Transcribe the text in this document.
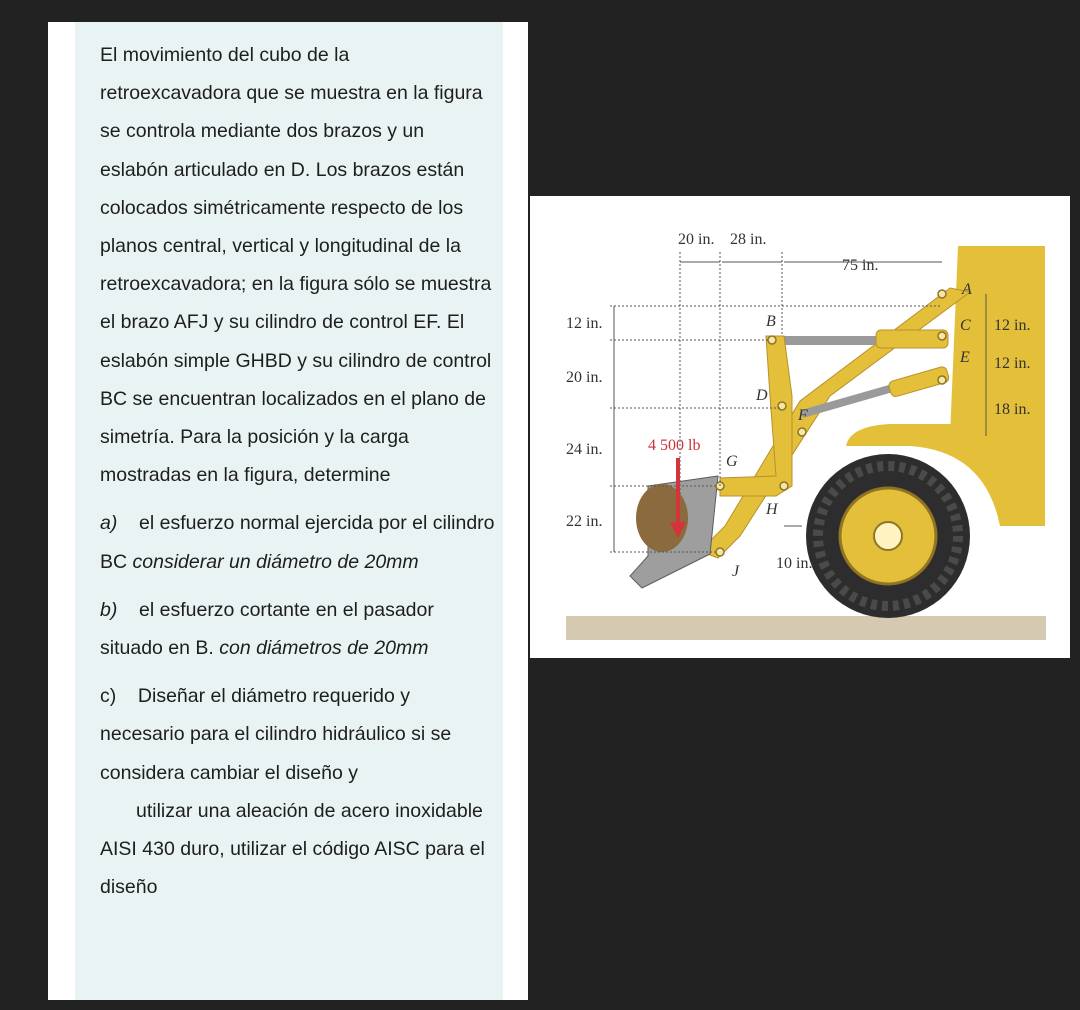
El movimiento del cubo de la retroexcavadora que se muestra en la figura se controla mediante dos brazos y un eslabón articulado en D. Los brazos están colocados simétricamente respecto de los planos central, vertical y longitudinal de la retroexcavadora; en la figura sólo se muestra el brazo AFJ y su cilindro de control EF. El eslabón simple GHBD y su cilindro de control BC se encuentran localizados en el plano de simetría. Para la posición y la carga mostradas en la figura, determine

a) el esfuerzo normal ejercida por el cilindro BC considerar un diámetro de 20mm

b) el esfuerzo cortante en el pasador situado en B. con diámetros de 20mm

c) Diseñar el diámetro requerido y necesario para el cilindro hidráulico si se considera cambiar el diseño y

utilizar una aleación de acero inoxidable AISI 430 duro, utilizar el código AISC para el diseño

20 in. 28 in.
75 in.
12 in.
20 in.
24 in.
22 in.
12 in.
12 in.
18 in.
10 in.
4 500 lb
A
B	C
D
E
F
G
H
J
